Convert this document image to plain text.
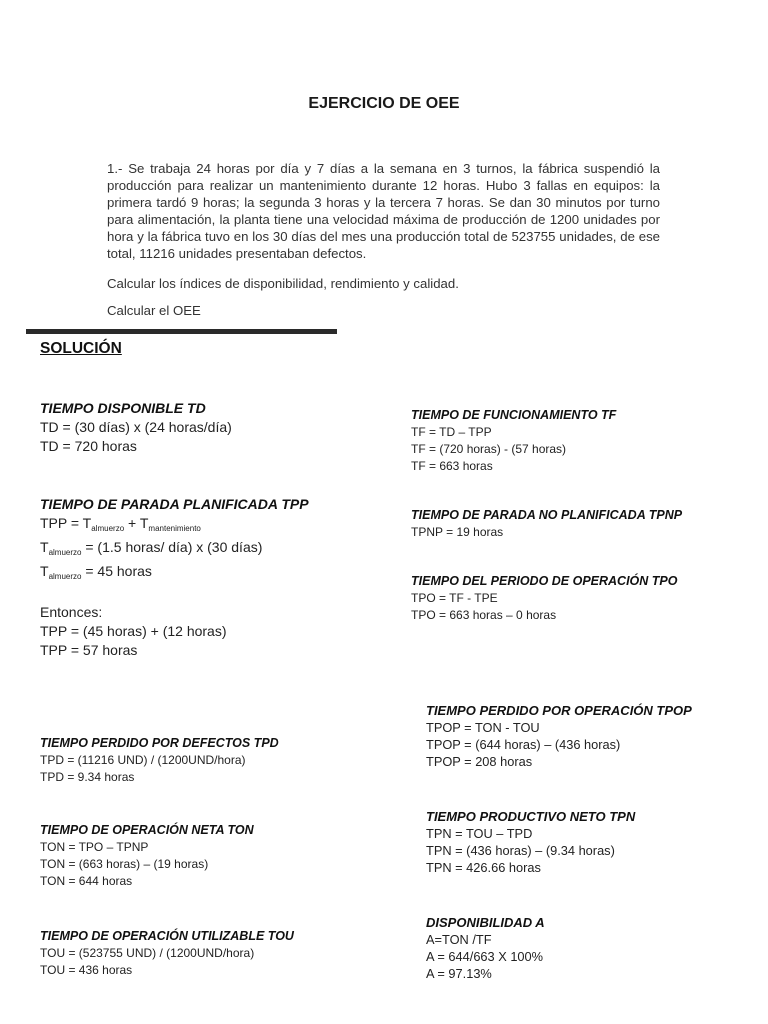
EJERCICIO DE OEE

1.- Se trabaja 24 horas por día y 7 días a la semana en 3 turnos, la fábrica suspendió la producción para realizar un mantenimiento durante 12 horas. Hubo 3 fallas en equipos: la primera tardó 9 horas; la segunda 3 horas y la tercera 7 horas. Se dan 30 minutos por turno para alimentación, la planta tiene una velocidad máxima de producción de 1200 unidades por hora y la fábrica tuvo en los 30 días del mes una producción total de 523755 unidades, de ese total, 11216 unidades presentaban defectos.

Calcular los índices de disponibilidad, rendimiento y calidad.

Calcular el OEE

SOLUCIÓN
TIEMPO DISPONIBLE TD
TD = (30 días) x (24 horas/día)
TD = 720 horas
TIEMPO DE PARADA PLANIFICADA TPP
TPP = $T_{almuerzo} + T_{mantenimiento}$
$T_{almuerzo} = (1.5$ horas/ día) x (30 días)
$T_{almuerzo} = 45$ horas
Entonces:
TPP = (45 horas) + (12 horas)
TPP = 57 horas
TIEMPO PERDIDO POR DEFECTOS TPD
TPD = (11216 UND) / (1200UND/hora)
TPD = 9.34 horas
TIEMPO DE OPERACIÓN NETA TON
TON = TPO – TPNP
TON = (663 horas) – (19 horas)
TON = 644 horas
TIEMPO DE OPERACIÓN UTILIZABLE TOU
TOU = (523755 UND) / (1200UND/hora)
TOU = 436 horas
TIEMPO DE FUNCIONAMIENTO TF
TF = TD – TPP
TF = (720 horas) - (57 horas)
TF = 663 horas
TIEMPO DE PARADA NO PLANIFICADA TPNP
TPNP = 19 horas
TIEMPO DEL PERIODO DE OPERACIÓN TPO
TPO = TF - TPE
TPO = 663 horas – 0 horas
TIEMPO PERDIDO POR OPERACIÓN TPOP
TPOP = TON - TOU
TPOP = (644 horas) – (436 horas)
TPOP = 208 horas
TIEMPO PRODUCTIVO NETO TPN
TPN = TOU – TPD
TPN = (436 horas) – (9.34 horas)
TPN = 426.66 horas
DISPONIBILIDAD A
A=TON /TF
A = 644/663 X 100%
A = 97.13%
